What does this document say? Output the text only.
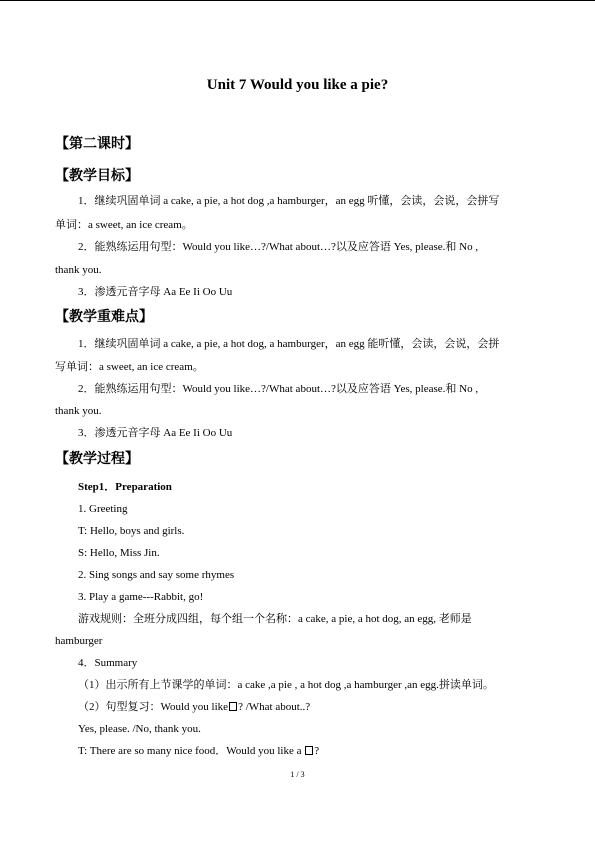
Unit 7 Would you like a pie?
【第二课时】
【教学目标】
1．继续巩固单词 a cake, a pie, a hot dog ,a hamburger，an egg 听懂，会读，会说，会拼写
单词：a sweet, an ice cream。
2．能熟练运用句型：Would you like…?/What about…?以及应答语 Yes, please.和 No ,
thank you.
3．渗透元音字母 Aa Ee Ii Oo Uu
【教学重难点】
1．继续巩固单词 a cake, a pie, a hot dog, a hamburger，an egg 能听懂，会读，会说，会拼
写单词：a sweet, an ice cream。
2．能熟练运用句型：Would you like…?/What about…?以及应答语 Yes, please.和 No ,
thank you.
3．渗透元音字母 Aa Ee Ii Oo Uu
【教学过程】
Step1．Preparation
1. Greeting
T: Hello, boys and girls.
S: Hello, Miss Jin.
2. Sing songs and say some rhymes
3. Play a game---Rabbit, go!
游戏规则：全班分成四组，每个组一个名称：a cake, a pie, a hot dog, an egg, 老师是
hamburger
4．Summary
（1）出示所有上节课学的单词：a cake ,a pie , a hot dog ,a hamburger ,an egg.拼读单词。
（2）句型复习：Would you like ? /What about..?
Yes, please. /No, thank you.
T: There are so many nice food．Would you like a ?
1 / 3
